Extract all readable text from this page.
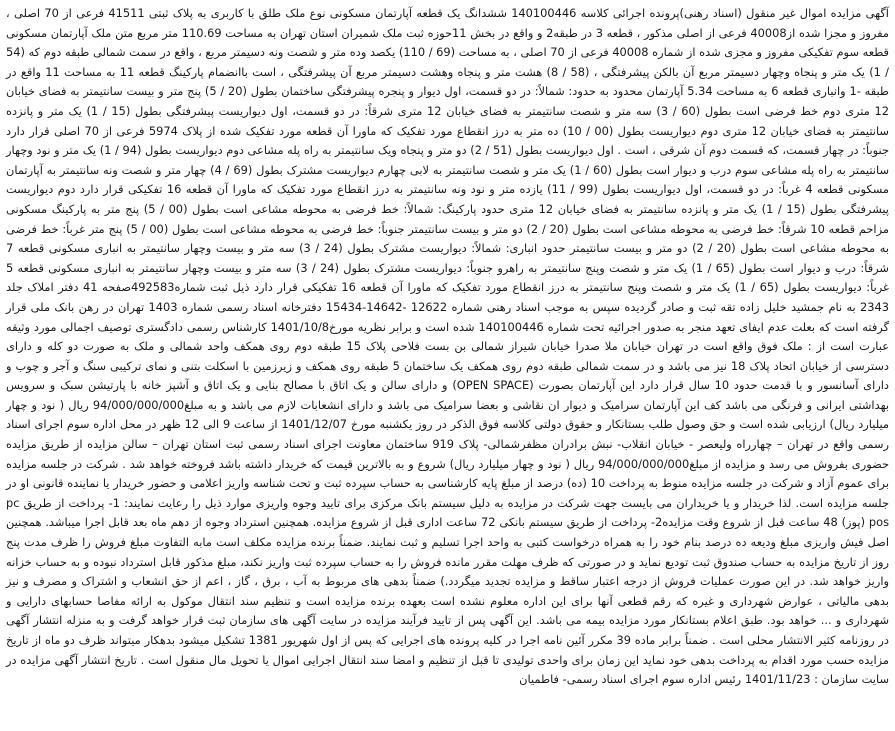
آگهی مزایده اموال غیر منقول (اسناد رهنی)پرونده اجرائی کلاسه 140100446 ششدانگ یک قطعه آپارتمان مسکونی نوع ملک طلق با کاربری به پلاک ثبتی 41511 فرعی از 70 اصلی ، مفروز و مجزا شده از40008 فرعی از اصلی مذکور ، قطعه 3 در طبقه2 و واقع در بخش 11حوزه ثبت ملک شمیران استان تهران به مساحت 110.69 متر مربع متن ملک آپارتمان مسکونی قطعه سوم تفکیکی مفروز و مجزی شده از شماره 40008 فرعی از 70 اصلی ، به مساحت (69 / 110) یکصد وده متر و شصت ونه دسیمتر مربع ، واقع در سمت شمالی طبقه دوم که (54 / 1) یک متر و پنجاه وچهار دسیمتر مربع آن بالکن پیشرفتگی ، (58 / 8) هشت متر و پنجاه وهشت دسیمتر مربع آن پیشرفتگی ، است باانضمام پارکینگ قطعه 11 به مساحت 11 واقع در طبقه -1 وانباری قطعه 6 به مساحت 5.34 آپارتمان محدود به حدود: شمالاً: در دو قسمت، اول دیوار و پنجره پیشرفتگی ساختمان بطول (20 / 5) پنج متر و بیست سانتیمتر به فضای خیابان 12 متری دوم خط فرضی است بطول (60 / 3) سه متر و شصت سانتیمتر به فضای خیابان 12 متری شرقاً: در دو قسمت، اول دیواریست پیشرفتگی بطول (15 / 1) یک متر و پانزده سانتیمتر به فضای خیابان 12 متری دوم دیواریست بطول (00 / 10) ده متر به درز انقطاع مورد تفکیک که ماورا آن قطعه مورد تفکیک شده از پلاک 5974 فرعی از 70 اصلی قرار دارد جنوباً: در چهار قسمت، که قسمت دوم آن شرقی ، است . اول دیواریست بطول (51 / 2) دو متر و پنجاه ویک سانتیمتر به راه پله مشاعی دوم دیواریست بطول (94 / 1) یک متر و نود وچهار سانتیمتر به راه پله مشاعی سوم درب و دیوار است بطول (60 / 1) یک متر و شصت سانتیمتر به لابی چهارم دیواریست مشترک بطول (69 / 4) چهار متر و شصت ونه سانتیمتر به آپارتمان مسکونی قطعه 4 غرباً: در دو قسمت، اول دیواریست بطول (99 / 11) یازده متر و نود ونه سانتیمتر به درز انقطاع مورد تفکیک که ماورا آن قطعه 16 تفکیکی قرار دارد دوم دیواریست پیشرفتگی بطول (15 / 1) یک متر و پانزده سانتیمتر به فضای خیابان 12 متری حدود پارکینگ: شمالاً: خط فرضی به محوطه مشاعی است بطول (00 / 5) پنج متر به پارکینگ مسکونی مزاحم قطعه 10 شرقاً: خط فرضی به محوطه مشاعی است بطول (20 / 2) دو متر و بیست سانتیمتر جنوباً: خط فرضی به محوطه مشاعی است بطول (00 / 5) پنج متر غرباً: خط فرضی به محوطه مشاعی است بطول (20 / 2) دو متر و بیست سانتیمتر حدود انباری: شمالاً: دیواریست مشترک بطول (24 / 3) سه متر و بیست وچهار سانتیمتر به انباری مسکونی قطعه 7 شرقاً: درب و دیوار است بطول (65 / 1) یک متر و شصت وپنج سانتیمتر به راهرو جنوباً: دیواریست مشترک بطول (24 / 3) سه متر و بیست وچهار سانتیمتر به انباری مسکونی قطعه 5 غرباً: دیواریست بطول (65 / 1) یک متر و شصت وپنج سانتیمتر به درز انقطاع مورد تفکیک که ماورا آن قطعه 16 تفکیکی قرار دارد ذیل ثبت شماره492583صفحه 41 دفتر املاک جلد 2343 به نام جمشید خلیل زاده تقه ثبت و صادر گردیده سپس به موجب اسناد رهنی شماره 12622 -14642-15434 دفترخانه اسناد رسمی شماره 1403 تهران در رهن بانک ملی قرار گرفته است که بعلت عدم ایفای تعهد منجر به صدور اجرائیه تحت شماره 140100446 شده است و برابر نظریه مورخ1401/10/8 کارشناس رسمی دادگستری توصیف اجمالی مورد وثیقه عبارت است از : ملک فوق واقع است در تهران خیابان ملا صدرا خیابان شیراز شمالی بن بست فلاحی پلاک 15 طبقه دوم روی همکف واحد شمالی و ملک به صورت دو کله و دارای دسترسی از خیابان اتحاد پلاک 18 نیز می باشد و در سمت شمالی طبقه دوم روی همکف یک ساختمان 5 طبقه روی همکف و زیرزمین با اسکلت بتنی و نمای ترکیبی سنگ و آجر و چوب و دارای آسانسور و با قدمت حدود 10 سال قرار دارد این آپارتمان بصورت (OPEN SPACE) و دارای سالن و یک اتاق با مصالح بنایی و یک اتاق و آشپز خانه با پارتیشن سبک و سرویس بهداشتی ایرانی و فرنگی می باشد کف این آپارتمان سرامیک و دیوار ان نقاشی و بعضا سرامیک می باشد و دارای انشعابات لازم می باشد و به مبلغ94/000/000/000 ریال ( نود و چهار میلیارد ریال) ارزیابی شده است و حق وصول طلب بستانکار و حقوق دولتی کلاسه فوق الذکر در روز یکشنبه مورخ 1401/12/07 از ساعت 9 الی 12 ظهر در محل اداره سوم اجرای اسناد رسمی واقع در تهران – چهارراه ولیعصر - خیابان انقلاب- نبش برادران مظفرشمالی- پلاک 919 ساختمان معاونت اجرای اسناد رسمی ثبت استان تهران – سالن مزایده از طریق مزایده حضوری بفروش می رسد و مزایده از مبلغ94/000/000/000 ریال ( نود و چهار میلیارد ریال) شروع و به بالاترین قیمت که خریدار داشته باشد فروخته خواهد شد . شرکت در جلسه مزایده برای عموم آزاد و شرکت در جلسه مزایده منوط به پرداخت 10 (ده) درصد از مبلغ پایه کارشناسی به حساب سپرده ثبت و تحت شناسه واریز اعلامی و حضور خریدار یا نماینده قانونی او در جلسه مزایده است. لذا خریدار و یا خریداران می بایست جهت شرکت در مزایده به دلیل سیستم بانک مرکزی برای تایید وجوه واریزی موارد ذیل را رعایت نمایند: 1- پرداخت از طریق pc pos (پوز) 48 ساعت قبل از شروع وقت مزایده2- پرداخت از طریق سیستم بانکی 72 ساعت اداری قبل از شروع مزایده. همچنین استرداد وجوه از دهم ماه بعد قابل اجرا میباشد. همچنین اصل فیش واریزی مبلغ ودیعه ده درصد بنام خود را به همراه درخواست کتبی به واحد اجرا تسلیم و ثبت نمایند. ضمناً برنده مزایده مکلف است مابه التفاوت مبلغ فروش را ظرف مدت پنج روز از تاریخ مزایده به حساب صندوق ثبت تودیع نماید و در صورتی که ظرف مهلت مقرر مانده فروش را به حساب سپرده ثبت واریز نکند، مبلغ مذکور قابل استرداد نبوده و به حساب خزانه واریز خواهد شد. در این صورت عملیات فروش از درجه اعتبار ساقط و مزایده تجدید میگردد.) ضمناً بدهی های مربوط به آب ، برق ، گاز ، اعم از حق انشعاب و اشتراک و مصرف و نیز بدهی مالیاتی ، عوارض شهرداری و غیره که رقم قطعی آنها برای این اداره معلوم نشده است بعهده برنده مزایده است و تنظیم سند انتقال موکول به ارائه مفاصا حسابهای دارایی و شهرداری و ... خواهد بود. طبق اعلام بستانکار مورد مزایده بیمه می باشد. این آگهی پس از تایید فرآیند مزایده در سایت آگهی های سازمان ثبت قرار خواهد گرفت و به منزله انتشار آگهی در روزنامه کثیر الانتشار محلی است . ضمناً برابر ماده 39 مکرر آئین نامه اجرا در کلیه پرونده های اجرایی که پس از اول شهریور 1381 تشکیل میشود بدهکار میتواند ظرف دو ماه از تاریخ مزایده حسب مورد اقدام به پرداخت بدهی خود نماید این زمان برای واحدی تولیدی تا قبل از تنظیم و امضا سند انتقال اجرایی اموال یا تحویل مال منقول است . تاریخ انتشار آگهی مزایده در سایت سازمان : 1401/11/23 رئیس اداره سوم اجرای اسناد رسمی- فاطمیان
